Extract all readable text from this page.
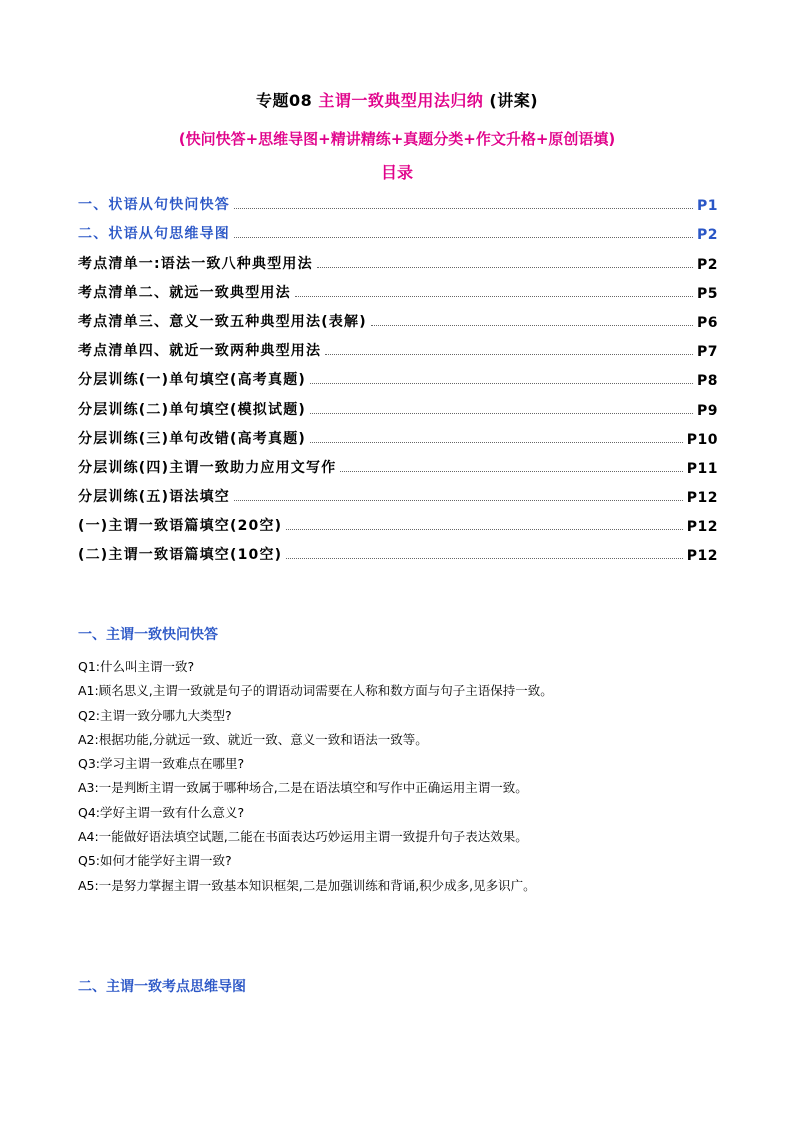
专题08 主谓一致典型用法归纳 (讲案)
(快问快答+思维导图+精讲精练+真题分类+作文升格+原创语填)
目录
一、状语从句快问快答	P1
二、状语从句思维导图	P2
考点清单一:语法一致八种典型用法	P2
考点清单二、就远一致典型用法	P5
考点清单三、意义一致五种典型用法(表解)	P6
考点清单四、就近一致两种典型用法	P7
分层训练(一)单句填空(高考真题)	P8
分层训练(二)单句填空(模拟试题)	P9
分层训练(三)单句改错(高考真题)	P10
分层训练(四)主谓一致助力应用文写作	P11
分层训练(五)语法填空	P12
(一)主谓一致语篇填空(20空)	P12
(二)主谓一致语篇填空(10空)	P12
一、主谓一致快问快答
Q1:什么叫主谓一致?
A1:顾名思义,主谓一致就是句子的谓语动词需要在人称和数方面与句子主语保持一致。
Q2:主谓一致分哪九大类型?
A2:根据功能,分就远一致、就近一致、意义一致和语法一致等。
Q3:学习主谓一致难点在哪里?
A3:一是判断主谓一致属于哪种场合,二是在语法填空和写作中正确运用主谓一致。
Q4:学好主谓一致有什么意义?
A4:一能做好语法填空试题,二能在书面表达巧妙运用主谓一致提升句子表达效果。
Q5:如何才能学好主谓一致?
A5:一是努力掌握主谓一致基本知识框架,二是加强训练和背诵,积少成多,见多识广。
二、主谓一致考点思维导图
